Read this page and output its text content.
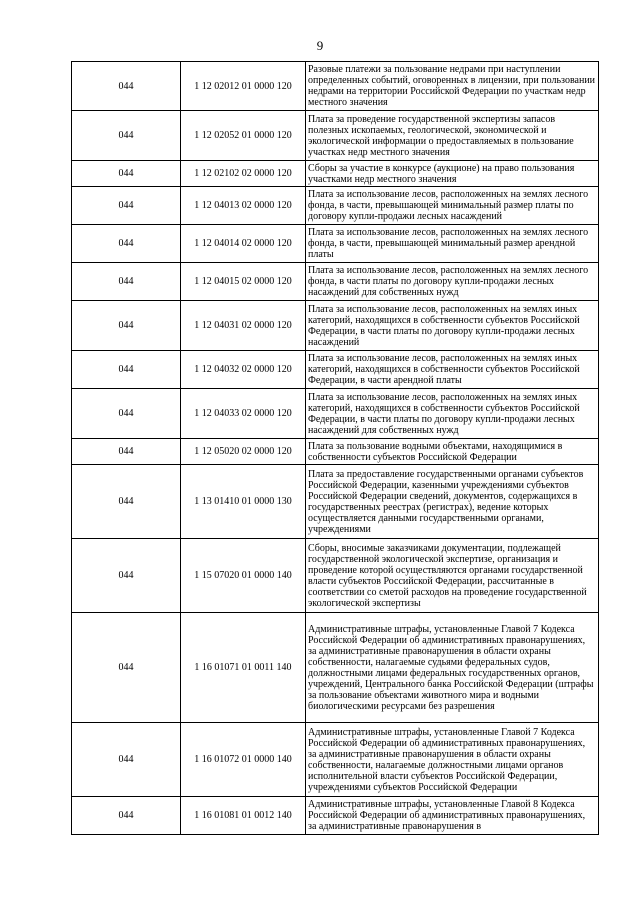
9
044	1 12 02012 01 0000 120	Разовые платежи за пользование недрами при наступлении определенных событий, оговоренных в лицензии, при пользовании недрами на территории Российской Федерации по участкам недр местного значения
044	1 12 02052 01 0000 120	Плата за проведение государственной экспертизы запасов полезных ископаемых, геологической, экономической и экологической информации о предоставляемых в пользование участках недр местного значения
044	1 12 02102 02 0000 120	Сборы за участие в конкурсе (аукционе) на право пользования участками недр местного значения
044	1 12 04013 02 0000 120	Плата за использование лесов, расположенных на землях лесного фонда, в части, превышающей минимальный размер платы по договору купли-продажи лесных насаждений
044	1 12 04014 02 0000 120	Плата за использование лесов, расположенных на землях лесного фонда, в части, превышающей минимальный размер арендной платы
044	1 12 04015 02 0000 120	Плата за использование лесов, расположенных на землях лесного фонда, в части платы по договору купли-продажи лесных насаждений для собственных нужд
044	1 12 04031 02 0000 120	Плата за использование лесов, расположенных на землях иных категорий, находящихся в собственности субъектов Российской Федерации, в части платы по договору купли-продажи лесных насаждений
044	1 12 04032 02 0000 120	Плата за использование лесов, расположенных на землях иных категорий, находящихся в собственности субъектов Российской Федерации, в части арендной платы
044	1 12 04033 02 0000 120	Плата за использование лесов, расположенных на землях иных категорий, находящихся в собственности субъектов Российской Федерации, в части платы по договору купли-продажи лесных насаждений для собственных нужд
044	1 12 05020 02 0000 120	Плата за пользование водными объектами, находящимися в собственности субъектов Российской Федерации
044	1 13 01410 01 0000 130	Плата за предоставление государственными органами субъектов Российской Федерации, казенными учреждениями субъектов Российской Федерации сведений, документов, содержащихся в государственных реестрах (регистрах), ведение которых осуществляется данными государственными органами, учреждениями
044	1 15 07020 01 0000 140	Сборы, вносимые заказчиками документации, подлежащей государственной экологической экспертизе, организация и проведение которой осуществляются органами государственной власти субъектов Российской Федерации, рассчитанные в соответствии со сметой расходов на проведение государственной экологической экспертизы
044	1 16 01071 01 0011 140	Административные штрафы, установленные Главой 7 Кодекса Российской Федерации об административных правонарушениях, за административные правонарушения в области охраны собственности, налагаемые судьями федеральных судов, должностными лицами федеральных государственных органов, учреждений, Центрального банка Российской Федерации (штрафы за пользование объектами животного мира и водными биологическими ресурсами без разрешения
044	1 16 01072 01 0000 140	Административные штрафы, установленные Главой 7 Кодекса Российской Федерации об административных правонарушениях, за административные правонарушения в области охраны собственности, налагаемые должностными лицами органов исполнительной власти субъектов Российской Федерации, учреждениями субъектов Российской Федерации
044	1 16 01081 01 0012 140	Административные штрафы, установленные Главой 8 Кодекса Российской Федерации об административных правонарушениях, за административные правонарушения в
